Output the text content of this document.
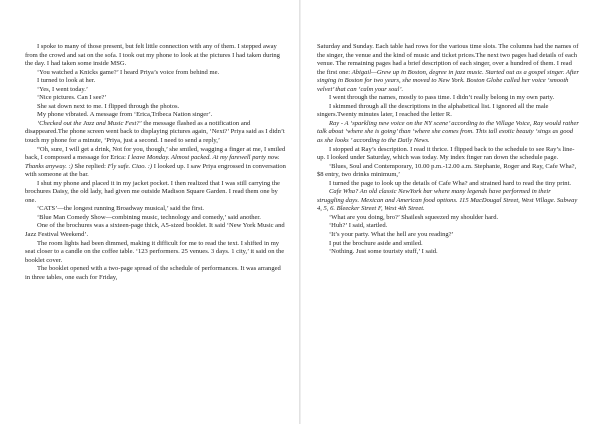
I spoke to many of those present, but felt little connection with any of them. I stepped away from the crowd and sat on the sofa. I took out my phone to look at the pictures I had taken during the day. I had taken some inside MSG.

‘You watched a Knicks game?’ I heard Priya’s voice from behind me.

I turned to look at her.

‘Yes, I went today.’

‘Nice pictures. Can I see?’

She sat down next to me. I flipped through the photos.

My phone vibrated. A message from ‘Erica,Tribeca Nation singer’.

‘Checked out the Jazz and Music Fest?’ the message flashed as a notification and disappeared.The phone screen went back to displaying pictures again, ‘Next?’ Priya said as I didn’t touch my phone for a minute, ‘Priya, just a second. I need to send a reply,’

“Oh, sure, I will get a drink, Not for you, though,’ she smiled, wagging a finger at me, I smiled back, I composed a message for Erica: I leave Monday. Almost packed. At my farewell party now. Thanks anyway. :) She replied: Fly safe. Ciao. :) I looked up. I saw Priya engrossed in conversation with someone at the bar.

I shut my phone and placed it in my jacket pocket. I then realized that I was still carrying the brochures Daisy, the old lady, had given me outside Madison Square Garden. I read them one by one.

‘CATS’—the longest running Broadway musical,’ said the first.

‘Blue Man Comedy Show—combining music, technology and comedy,’ said another.

One of the brochures was a sixteen-page thick, A5-sized booklet. It said ‘New York Music and Jazz Festival Weekend’.

The room lights had been dimmed, making it difficult for me to read the text. I shifted in my seat closer to a candle on the coffee table. ‘123 performers. 25 venues. 3 days. 1 city,’ it said on the booklet cover.

The booklet opened with a two-page spread of the schedule of performances. It was arranged in three tables, one each for Friday,

Saturday and Sunday. Each table had rows for the various time slots. The columns had the names of the singer, the venue and the kind of music and ticket prices.The next two pages had details of each venue. The remaining pages had a brief description of each singer, over a hundred of them. I read the first one: Abigail—Grew up in Boston, degree in jazz music. Started out as a gospel singer. After singing in Boston for two years, she moved to New York. Boston Globe called her voice ‘smooth velvet’ that can ‘calm your soul’.

I went through the names, mostly to pass time. I didn’t really belong in my own party.

I skimmed through all the descriptions in the alphabetical list. I ignored all the male singers.Twenty minutes later, I reached the letter R.

Ray - A ‘sparkling new voice on the NY scene’ according to the Village Voice, Ray would rather talk about ‘where she is going’ than ‘where she comes from. This tall exotic beauty ‘sings as good as she looks ’ according to the Daily News.

I stopped at Ray’s description. I read it thrice. I flipped back to the schedule to see Ray’s line-up. I looked under Saturday, which was today. My index finger ran down the schedule page.

‘Blues, Soul and Contemporary, 10.00 p.m.-12.00 a.m. Stephanie, Roger and Ray, Cafe Wha?, $8 entry, two drinks minimum,’

I turned the page to look up the details of Cafe Wha? and strained hard to read the tiny print.

Cafe Wha? An old classic NewYork bar where many legends have performed in their struggling days. Mexican and American food options. 115 MacDougal Street, West Village. Subway 4, 5, 6. Bleecker Street F, West 4th Street.

‘What are you doing, bro?’ Shailesh squeezed my shoulder hard.

‘Huh?’ I said, startled.

‘It’s your party. What the hell are you reading?’

I put the brochure aside and smiled.

‘Nothing. Just some touristy stuff,’ I said.
